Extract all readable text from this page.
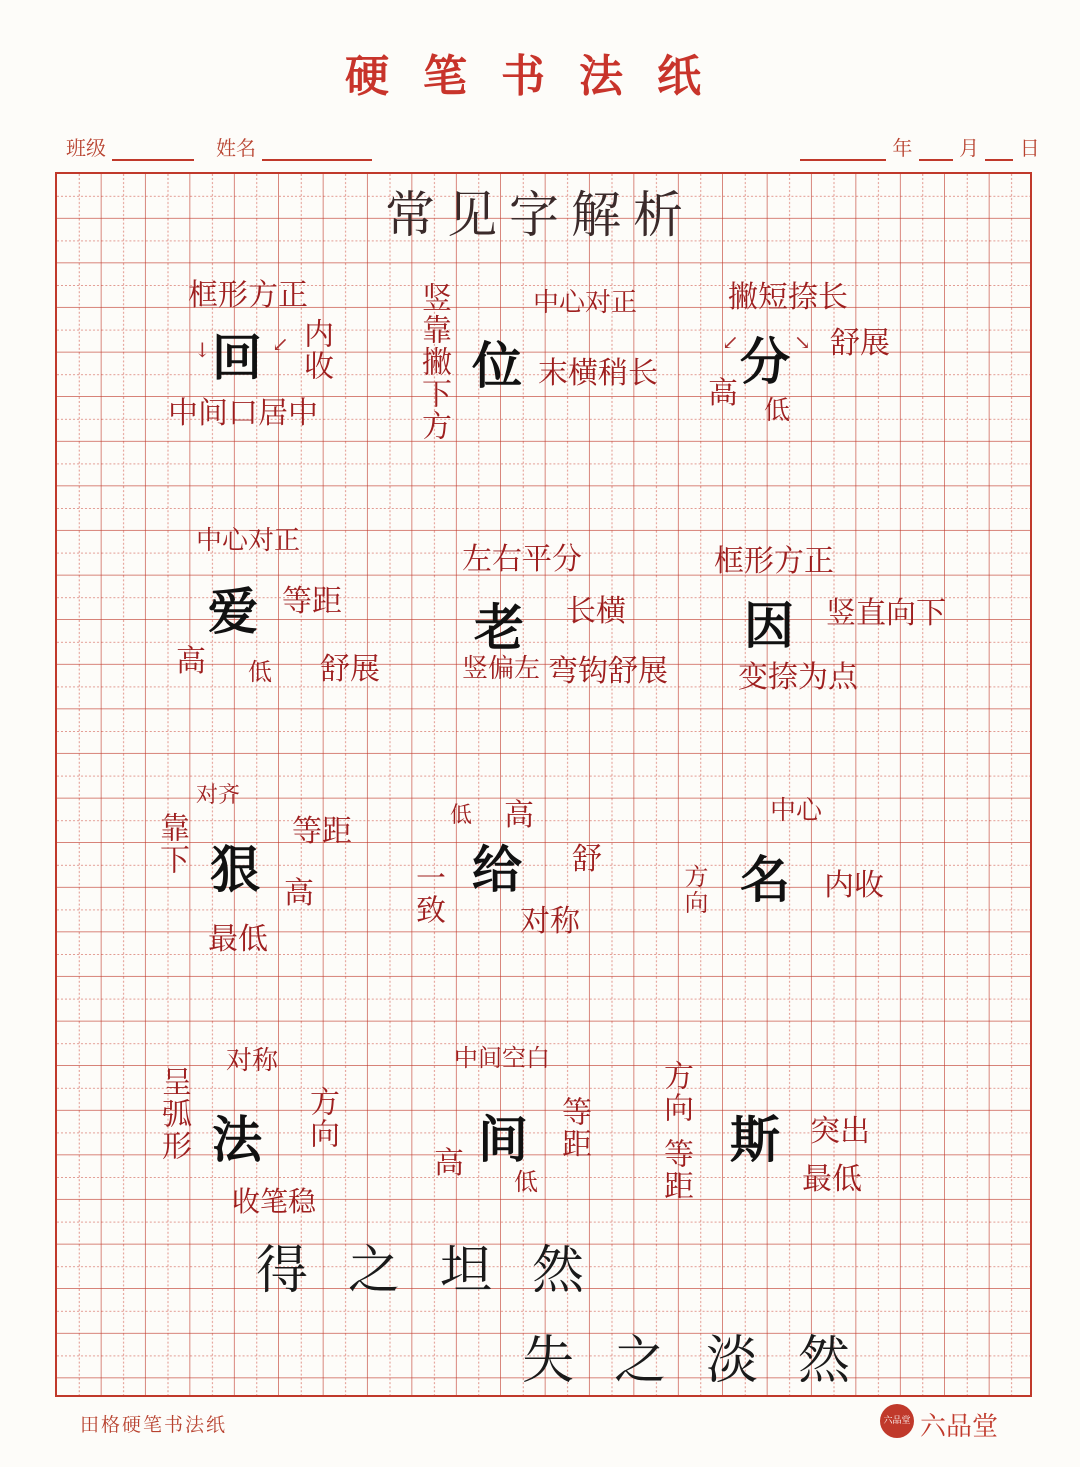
硬笔书法纸
班级	姓名	年 月 日
常见字解析
框形方正
回
↓	↙ 内收
中间口居中	竖靠撇下方	中心对正
位 末横稍长
撇短捺长
分
↙	↘ 舒展
高 低
中心对正
爱 等距
高 低 舒展
左右平分
老 长横
竖偏左 弯钩舒展
框形方正
因 竖直向下
变捺为点
对齐
靠下 狠
等距
高
最低
低 高
给 舒
一致	对称
中心
名
方向	内收
呈弧形
对称
法 方向
收笔稳
中间空白
间 等距
高
低
方向
等距 斯 突出
最低
得之坦然
失之淡然
田格硬笔书法纸	六品堂 六品堂
